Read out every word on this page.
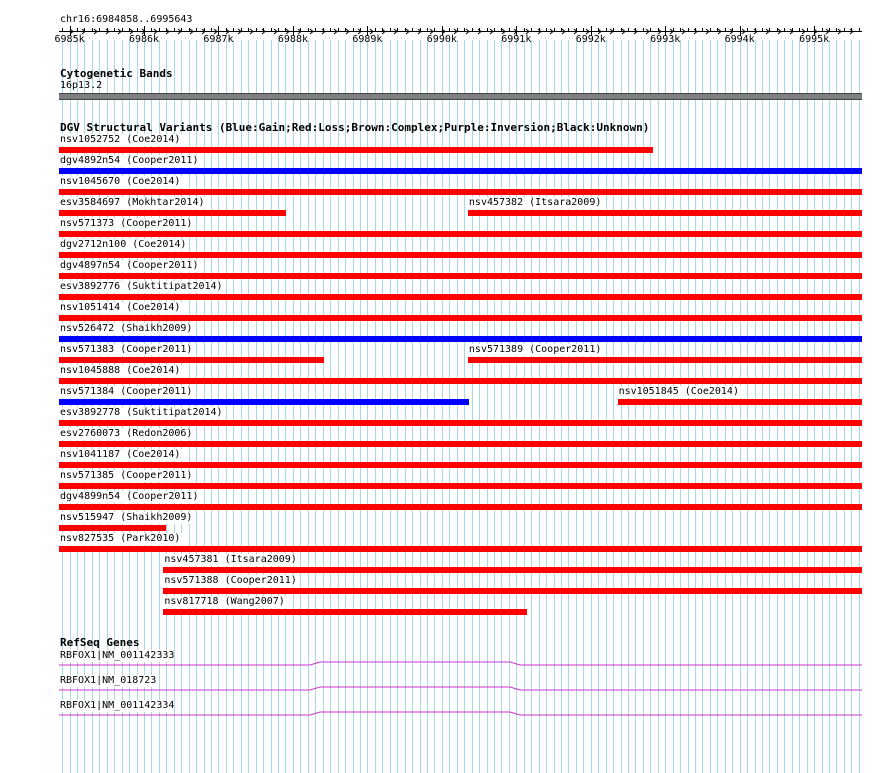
chr16:6984858..6995643
6985k	6986k	6987k	6988k	6989k	6990k	6991k	6992k	6993k	6994k	6995k
Cytogenetic Bands
16p13.2
DGV Structural Variants (Blue:Gain;Red:Loss;Brown:Complex;Purple:Inversion;Black:Unknown)
nsv1052752 (Coe2014)
dgv4892n54 (Cooper2011)
nsv1045670 (Coe2014)
esv3584697 (Mokhtar2014)	nsv457382 (Itsara2009)
nsv571373 (Cooper2011)
dgv2712n100 (Coe2014)
dgv4897n54 (Cooper2011)
esv3892776 (Suktitipat2014)
nsv1051414 (Coe2014)
nsv526472 (Shaikh2009)
nsv571383 (Cooper2011)	nsv571389 (Cooper2011)
nsv1045888 (Coe2014)
nsv571384 (Cooper2011)	nsv1051845 (Coe2014)
esv3892778 (Suktitipat2014)
esv2760073 (Redon2006)
nsv1041187 (Coe2014)
nsv571385 (Cooper2011)
dgv4899n54 (Cooper2011)
nsv515947 (Shaikh2009)
nsv827535 (Park2010)
nsv457381 (Itsara2009)
nsv571388 (Cooper2011)
nsv817718 (Wang2007)
RefSeq Genes
RBFOX1|NM_001142333
RBFOX1|NM_018723
RBFOX1|NM_001142334
